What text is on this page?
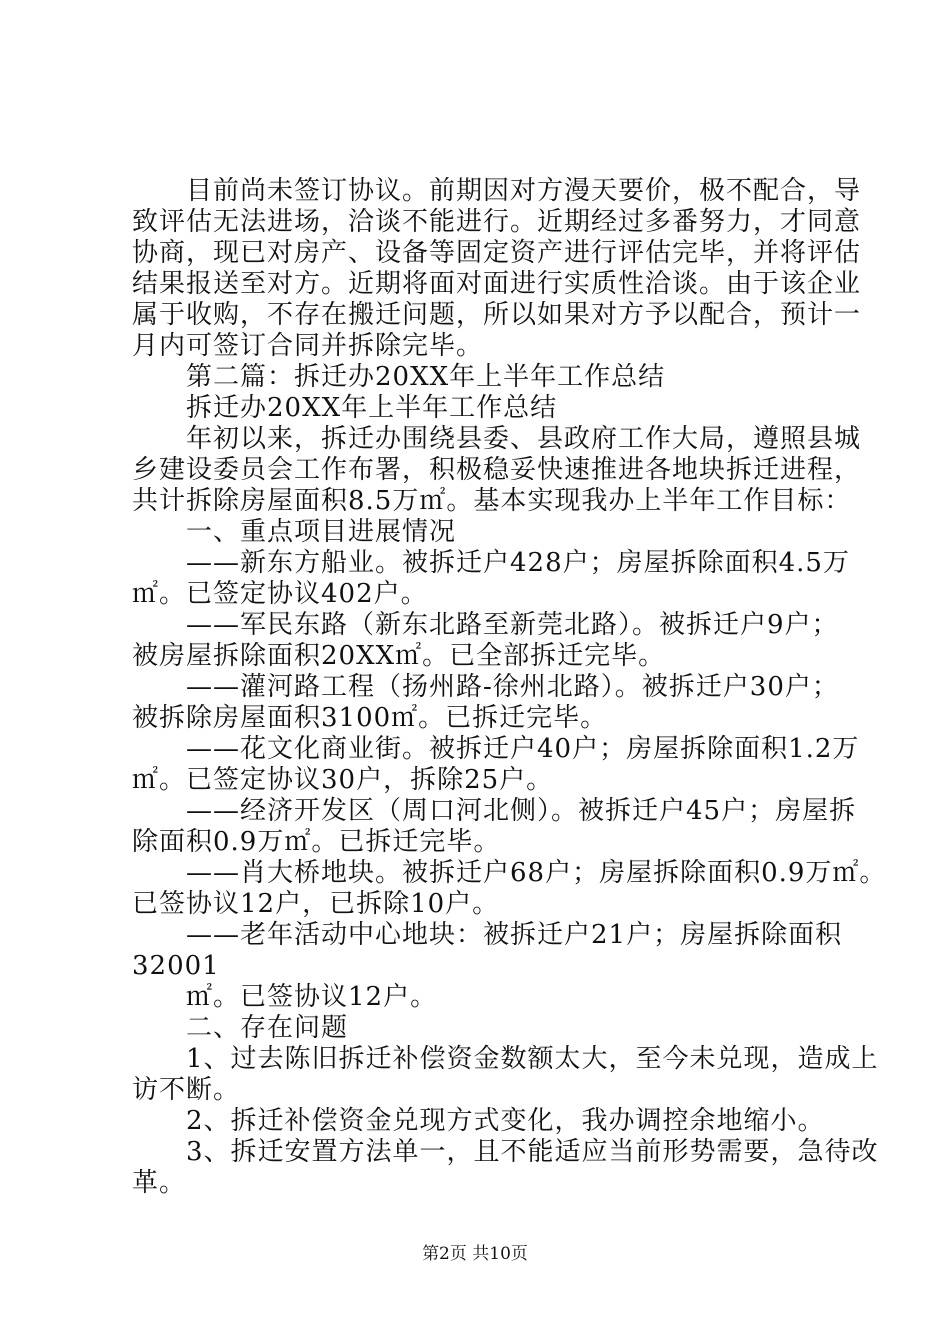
　　目前尚未签订协议。前期因对方漫天要价，极不配合，导
致评估无法进场，洽谈不能进行。近期经过多番努力，才同意
协商，现已对房产、设备等固定资产进行评估完毕，并将评估
结果报送至对方。近期将面对面进行实质性洽谈。由于该企业
属于收购，不存在搬迁问题，所以如果对方予以配合，预计一
月内可签订合同并拆除完毕。
　　第二篇：拆迁办20XX年上半年工作总结
　　拆迁办20XX年上半年工作总结
　　年初以来，拆迁办围绕县委、县政府工作大局，遵照县城
乡建设委员会工作布署，积极稳妥快速推进各地块拆迁进程，
共计拆除房屋面积8.5万㎡。基本实现我办上半年工作目标：
　　一、重点项目进展情况
　　——新东方船业。被拆迁户428户；房屋拆除面积4.5万
㎡。已签定协议402户。
　　——军民东路（新东北路至新莞北路）。被拆迁户9户；
被房屋拆除面积20XX㎡。已全部拆迁完毕。
　　——灌河路工程（扬州路-徐州北路）。被拆迁户30户；
被拆除房屋面积3100㎡。已拆迁完毕。
　　——花文化商业街。被拆迁户40户；房屋拆除面积1.2万
㎡。已签定协议30户，拆除25户。
　　——经济开发区（周口河北侧）。被拆迁户45户；房屋拆
除面积0.9万㎡。已拆迁完毕。
　　——肖大桥地块。被拆迁户68户；房屋拆除面积0.9万㎡。
已签协议12户，已拆除10户。
　　——老年活动中心地块：被拆迁户21户；房屋拆除面积
32001
　　㎡。已签协议12户。
　　二、存在问题
　　1、过去陈旧拆迁补偿资金数额太大，至今未兑现，造成上
访不断。
　　2、拆迁补偿资金兑现方式变化，我办调控余地缩小。
　　3、拆迁安置方法单一，且不能适应当前形势需要，急待改
革。
第2页 共10页
